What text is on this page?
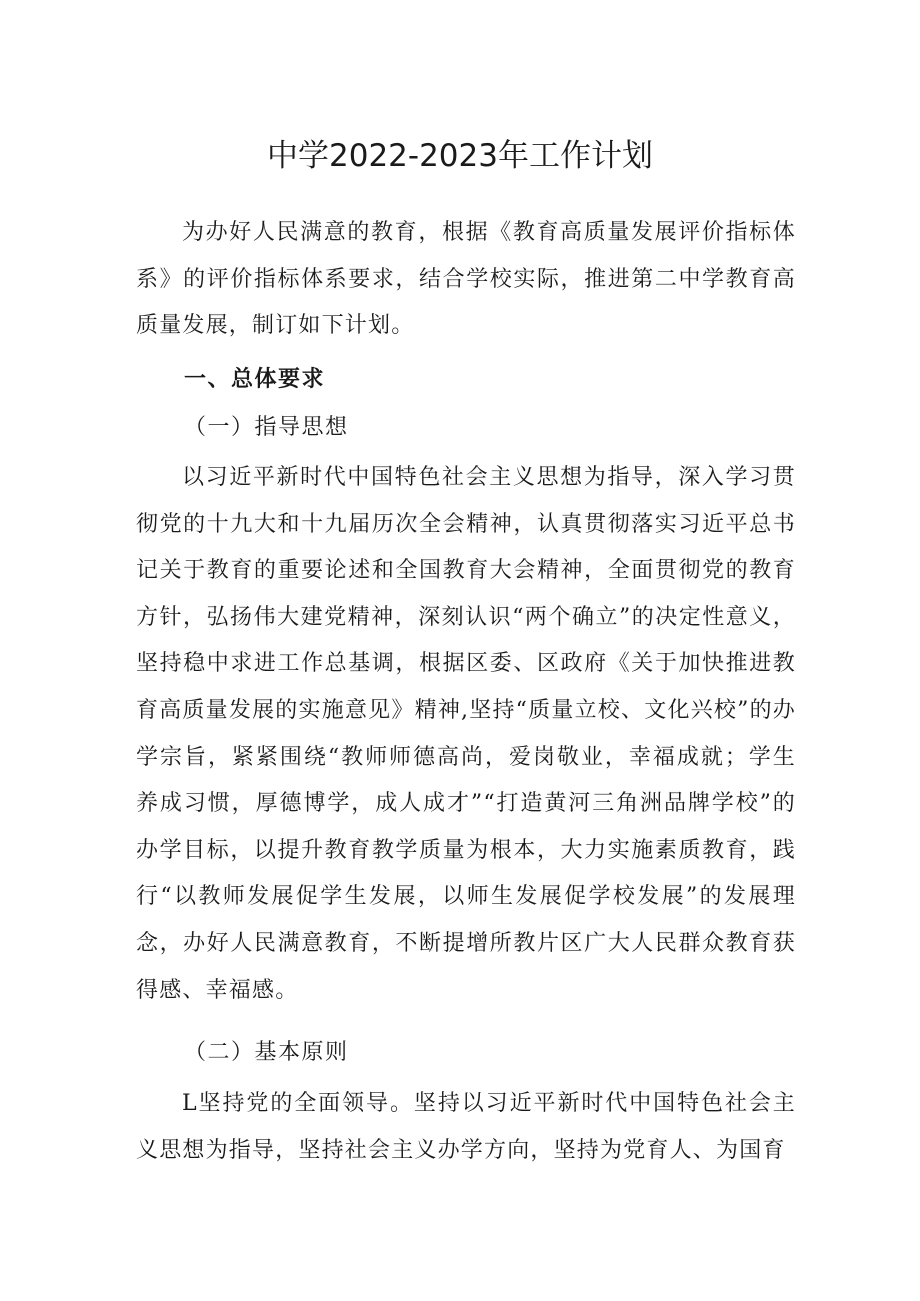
中学2022-2023年工作计划

为办好人民满意的教育，根据《教育高质量发展评价指标体系》的评价指标体系要求，结合学校实际，推进第二中学教育高质量发展，制订如下计划。

一、总体要求
（一）指导思想

以习近平新时代中国特色社会主义思想为指导，深入学习贯彻党的十九大和十九届历次全会精神，认真贯彻落实习近平总书记关于教育的重要论述和全国教育大会精神，全面贯彻党的教育方针，弘扬伟大建党精神，深刻认识“两个确立”的决定性意义，坚持稳中求进工作总基调，根据区委、区政府《关于加快推进教育高质量发展的实施意见》精神,坚持“质量立校、文化兴校”的办学宗旨，紧紧围绕“教师师德高尚，爱岗敬业，幸福成就；学生养成习惯，厚德博学，成人成才”“打造黄河三角洲品牌学校”的办学目标，以提升教育教学质量为根本，大力实施素质教育，践行“以教师发展促学生发展，以师生发展促学校发展”的发展理念，办好人民满意教育，不断提增所教片区广大人民群众教育获得感、幸福感。

（二）基本原则

L坚持党的全面领导。坚持以习近平新时代中国特色社会主义思想为指导，坚持社会主义办学方向，坚持为党育人、为国育
